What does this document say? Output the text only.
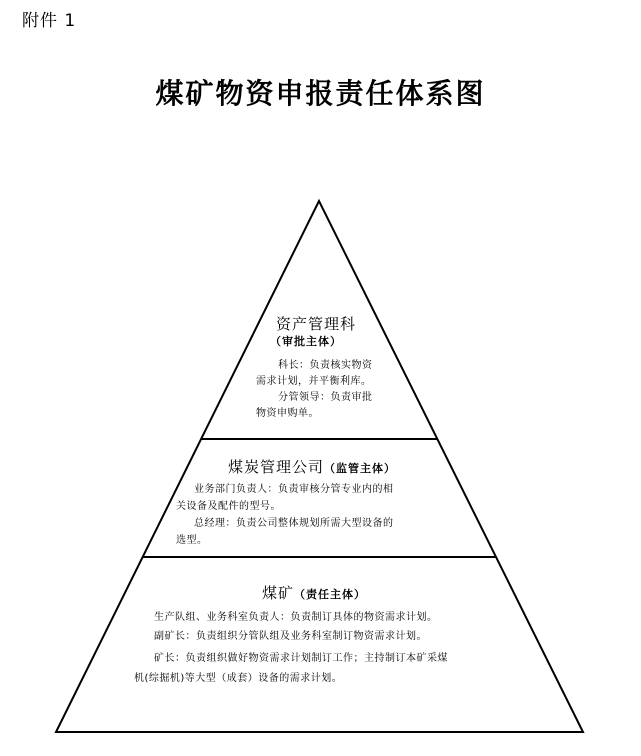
附件 1
煤矿物资申报责任体系图
资产管理科
（审批主体）
科长：负责核实物资
需求计划，并平衡利库。
分管领导：负责审批
物资申购单。
煤炭管理公司（监管主体）
业务部门负责人：负责审核分管专业内的相
关设备及配件的型号。
总经理：负责公司整体规划所需大型设备的
选型。
煤矿（责任主体）
生产队组、业务科室负责人：负责制订具体的物资需求计划。
副矿长：负责组织分管队组及业务科室制订物资需求计划。
矿长：负责组织做好物资需求计划制订工作；主持制订本矿采煤
机(综掘机)等大型（成套）设备的需求计划。
